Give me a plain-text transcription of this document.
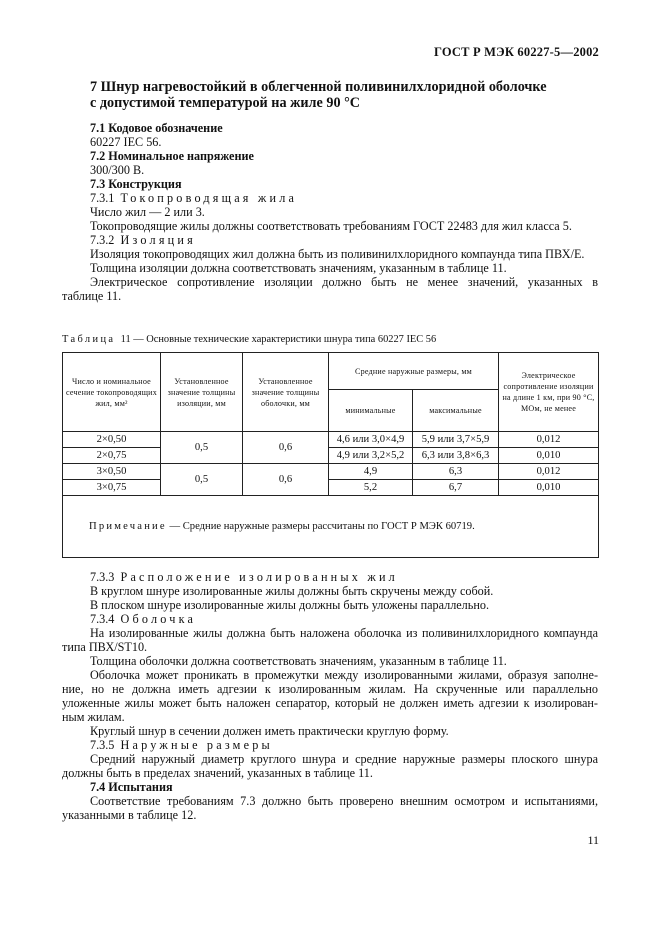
ГОСТ Р МЭК 60227-5—2002
7 Шнур нагревостойкий в облегченной поливинилхлоридной оболочке
с допустимой температурой на жиле 90 °С
7.1 Кодовое обозначение
60227 IEC 56.
7.2 Номинальное напряжение
300/300 В.
7.3 Конструкция
7.3.1 Токопроводящая жила
Число жил — 2 или 3.
Токопроводящие жилы должны соответствовать требованиям ГОСТ 22483 для жил класса 5.
7.3.2 Изоляция
Изоляция токопроводящих жил должна быть из поливинилхлоридного компаунда типа ПВХ/Е.
Толщина изоляции должна соответствовать значениям, указанным в таблице 11.
Электрическое сопротивление изоляции должно быть не менее значений, указанных в
таблице 11.
Таблица 11 — Основные технические характеристики шнура типа 60227 IEC 56
Число и номинальное сечение токопроводящих жил, мм²	Установленное значение толщины изоляции, мм	Установленное значение толщины оболочки, мм	Средние наружные размеры, мм		Электрическое сопротивление изоляции на длине 1 км, при 90 °С, МОм, не менее
			минимальные	максимальные	
2×0,50	0,5	0,6	4,6 или 3,0×4,9	5,9 или 3,7×5,9	0,012
2×0,75			4,9 или 3,2×5,2	6,3 или 3,8×6,3	0,010
3×0,50	0,5	0,6	4,9	6,3	0,012
3×0,75			5,2	6,7	0,010
Примечание — Средние наружные размеры рассчитаны по ГОСТ Р МЭК 60719.					
7.3.3 Расположение изолированных жил
В круглом шнуре изолированные жилы должны быть скручены между собой.
В плоском шнуре изолированные жилы должны быть уложены параллельно.
7.3.4 Оболочка
На изолированные жилы должна быть наложена оболочка из поливинилхлоридного компаунда
типа ПВХ/ST10.
Толщина оболочки должна соответствовать значениям, указанным в таблице 11.
Оболочка может проникать в промежутки между изолированными жилами, образуя заполне-
ние, но не должна иметь адгезии к изолированным жилам. На скрученные или параллельно
уложенные жилы может быть наложен сепаратор, который не должен иметь адгезии к изолирован-
ным жилам.
Круглый шнур в сечении должен иметь практически круглую форму.
7.3.5 Наружные размеры
Средний наружный диаметр круглого шнура и средние наружные размеры плоского шнура
должны быть в пределах значений, указанных в таблице 11.
7.4 Испытания
Соответствие требованиям 7.3 должно быть проверено внешним осмотром и испытаниями,
указанными в таблице 12.
11
